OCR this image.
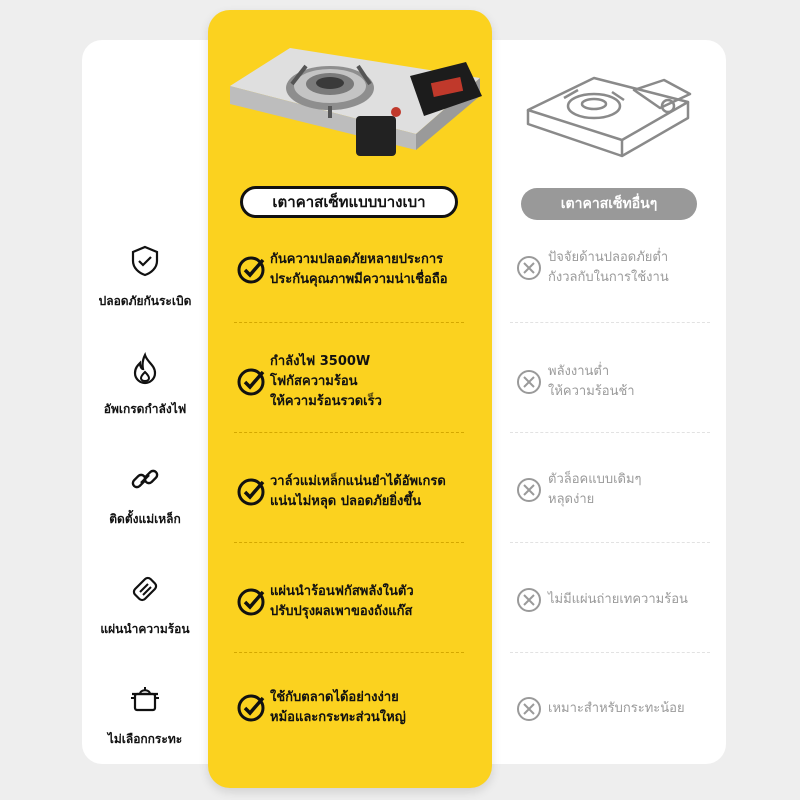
เตาคาสเซ็ทแบบบางเบา	เตาคาสเซ็ทอื่นๆ
ปลอดภัยกันระเบิด
กันความปลอดภัยหลายประการ
ประกันคุณภาพมีความน่าเชื่อถือ
ปัจจัยด้านปลอดภัยต่ำ
กังวลกับในการใช้งาน
อัพเกรดกำลังไฟ
กำลังไฟ 3500W
โฟกัสความร้อน
ให้ความร้อนรวดเร็ว
พลังงานต่ำ
ให้ความร้อนช้า
ติดตั้งแม่เหล็ก
วาล์วแม่เหล็กแน่นยำได้อัพเกรด
แน่นไม่หลุด ปลอดภัยยิ่งขึ้น
ตัวล็อคแบบเดิมๆ
หลุดง่าย
แผ่นนำความร้อน
แผ่นนำร้อนฟกัสพลังในตัว
ปรับปรุงผลเพาของถังแก๊ส
ไม่มีแผ่นถ่ายเทความร้อน
ไม่เลือกกระทะ
ใช้กับตลาดได้อย่างง่าย
หม้อและกระทะส่วนใหญ่
เหมาะสำหรับกระทะน้อย
